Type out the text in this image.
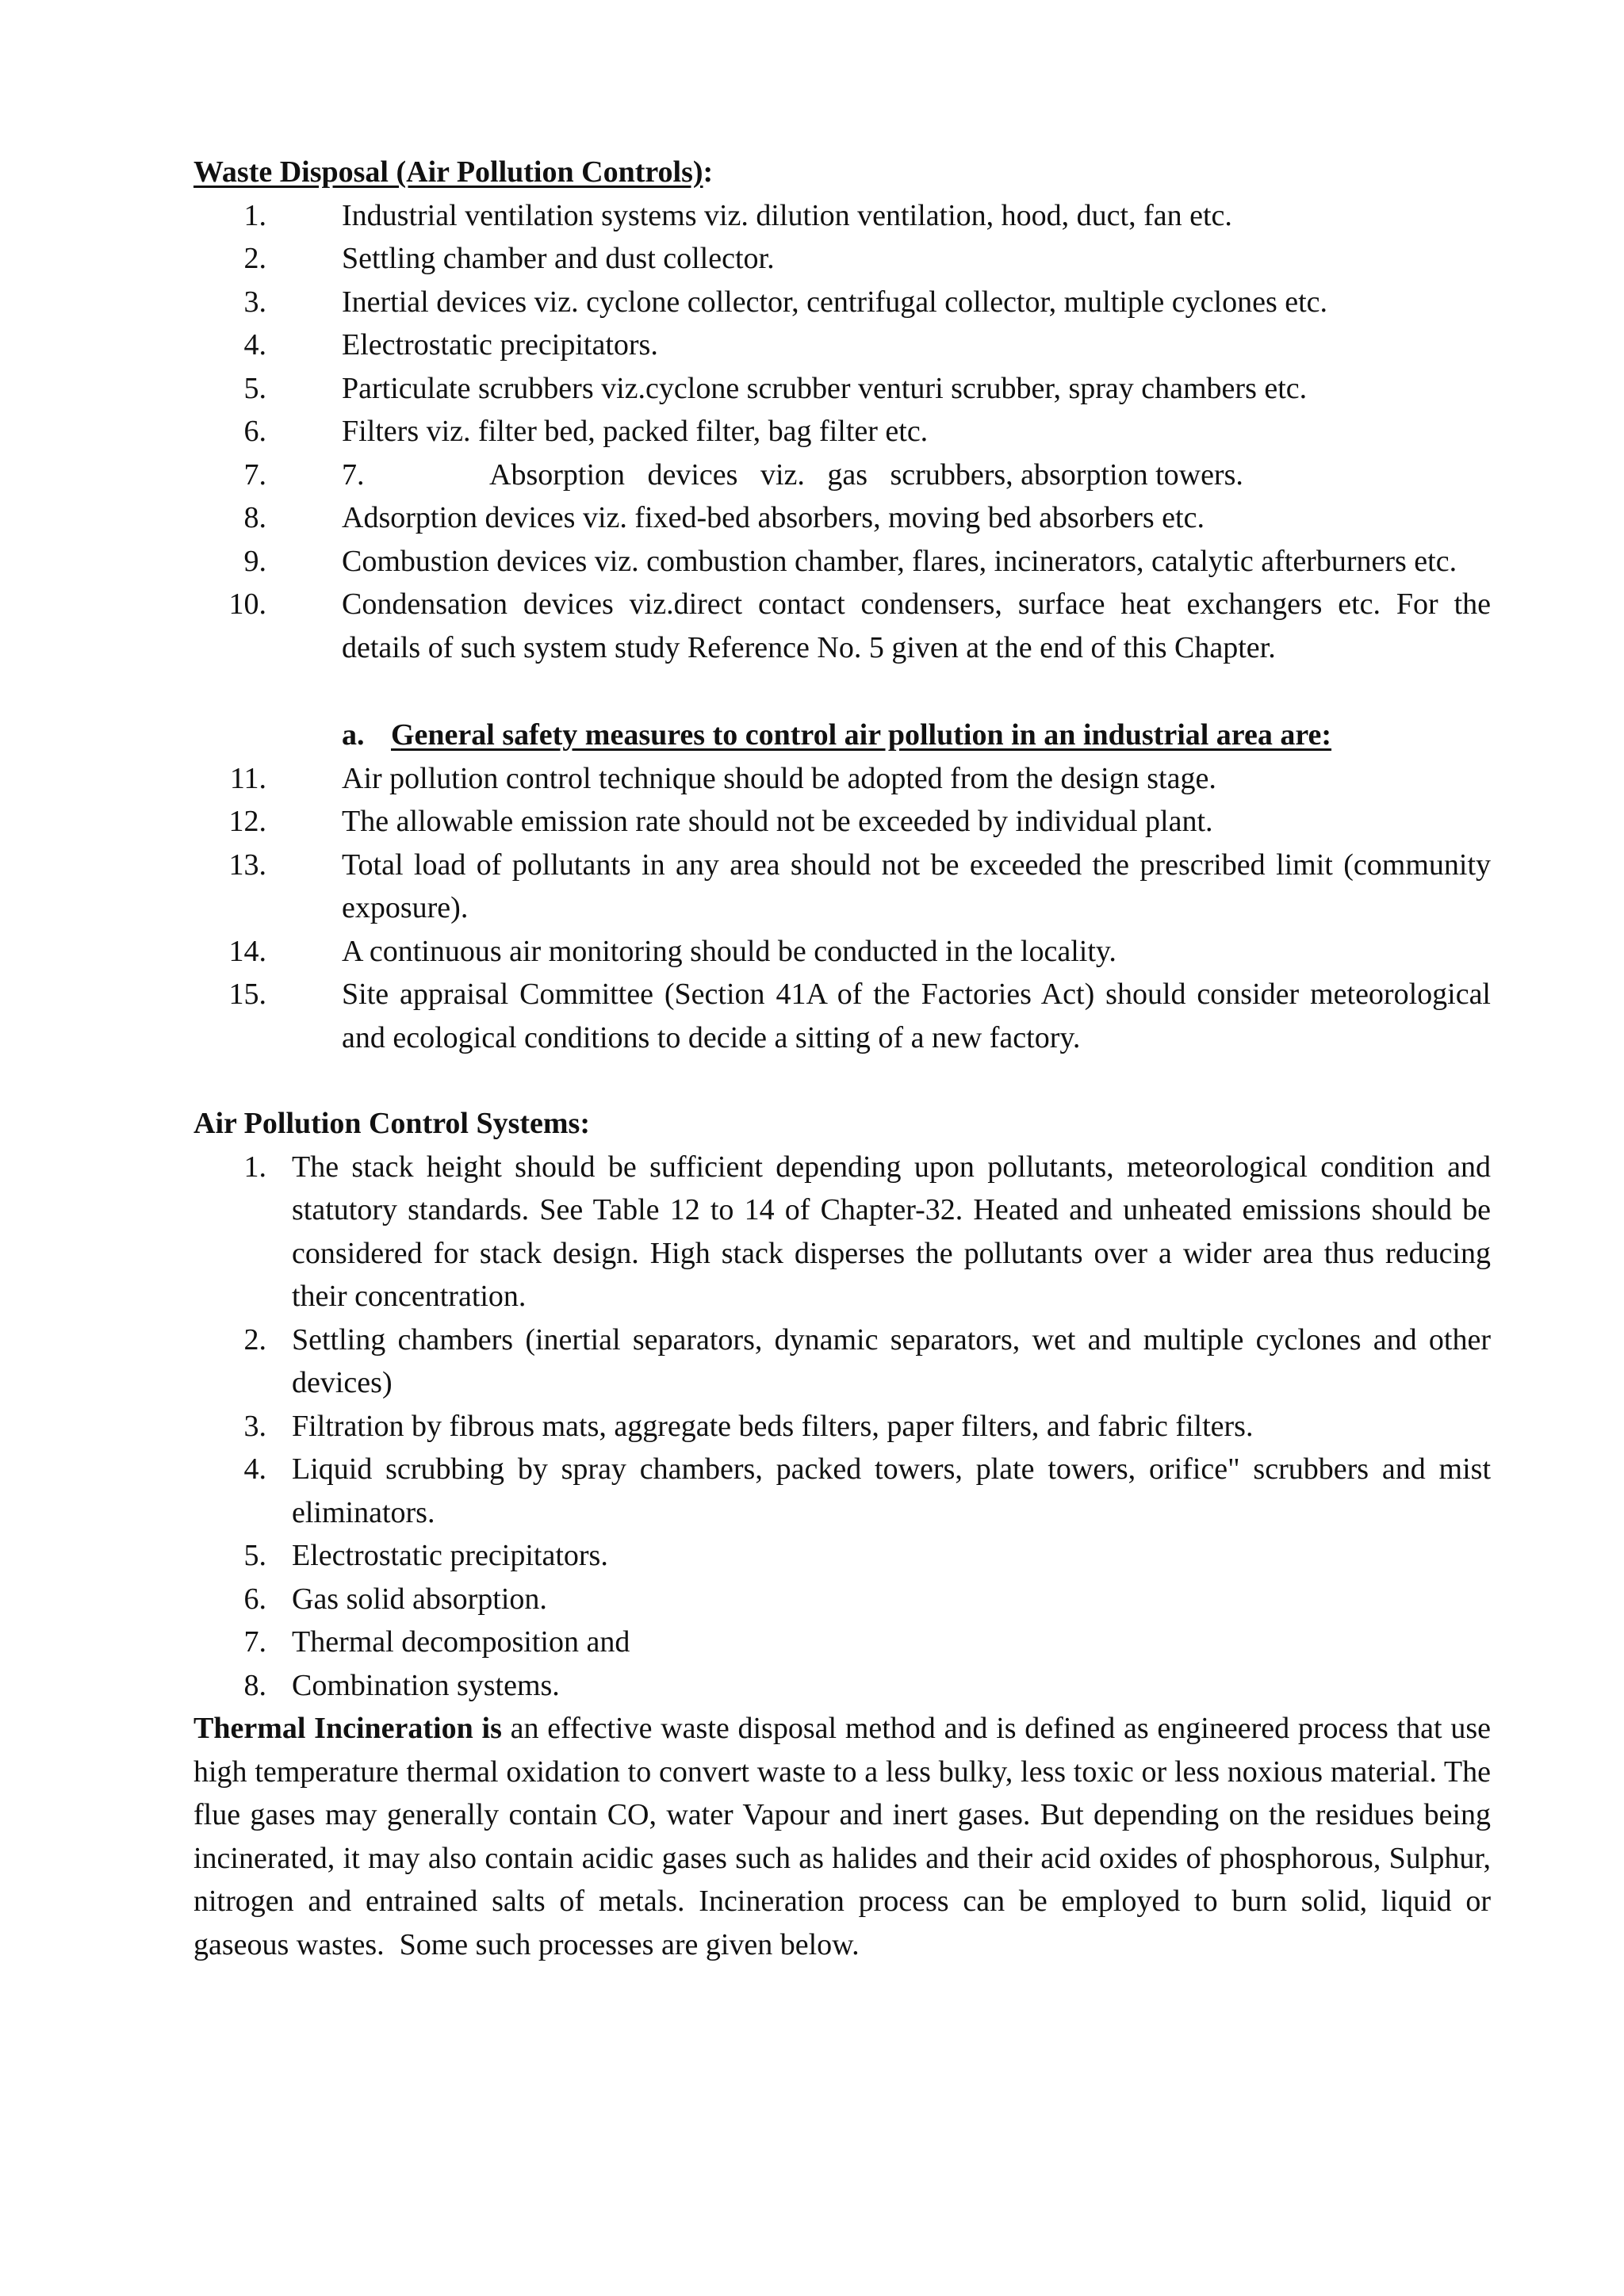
Waste Disposal (Air Pollution Controls):
1.	Industrial ventilation systems viz. dilution ventilation, hood, duct, fan etc.
2.	Settling chamber and dust collector.
3.	Inertial devices viz. cyclone collector, centrifugal collector, multiple cyclones etc.
4.	Electrostatic precipitators.
5.	Particulate scrubbers viz.cyclone scrubber venturi scrubber, spray chambers etc.
6.	Filters viz. filter bed, packed filter, bag filter etc.
7.	7.	Absorption   devices   viz.   gas   scrubbers, absorption towers.
8.	Adsorption devices viz. fixed-bed absorbers, moving bed absorbers etc.
9.	Combustion devices viz. combustion chamber, flares, incinerators, catalytic afterburners etc.
10.	Condensation devices viz.direct contact condensers, surface heat exchangers etc. For the details of such system study Reference No. 5 given at the end of this Chapter.
a. General safety measures to control air pollution in an industrial area are:
11.	Air pollution control technique should be adopted from the design stage.
12.	The allowable emission rate should not be exceeded by individual plant.
13.	Total load of pollutants in any area should not be exceeded the prescribed limit (community exposure).
14.	A continuous air monitoring should be conducted in the locality.
15.	Site appraisal Committee (Section 41A of the Factories Act) should consider meteorological and ecological conditions to decide a sitting of a new factory.
Air Pollution Control Systems:
1. The stack height should be sufficient depending upon pollutants, meteorological condition and statutory standards. See Table 12 to 14 of Chapter-32. Heated and unheated emissions should be considered for stack design. High stack disperses the pollutants over a wider area thus reducing their concentration.
2. Settling chambers (inertial separators, dynamic separators, wet and multiple cyclones and other devices)
3. Filtration by fibrous mats, aggregate beds filters, paper filters, and fabric filters.
4. Liquid scrubbing by spray chambers, packed towers, plate towers, orifice" scrubbers and mist eliminators.
5. Electrostatic precipitators.
6. Gas solid absorption.
7. Thermal decomposition and
8. Combination systems.
Thermal Incineration is an effective waste disposal method and is defined as engineered process that use high temperature thermal oxidation to convert waste to a less bulky, less toxic or less noxious material. The flue gases may generally contain CO, water Vapour and inert gases. But depending on the residues being incinerated, it may also contain acidic gases such as halides and their acid oxides of phosphorous, Sulphur, nitrogen and entrained salts of metals. Incineration process can be employed to burn solid, liquid or gaseous wastes.  Some such processes are given below.
